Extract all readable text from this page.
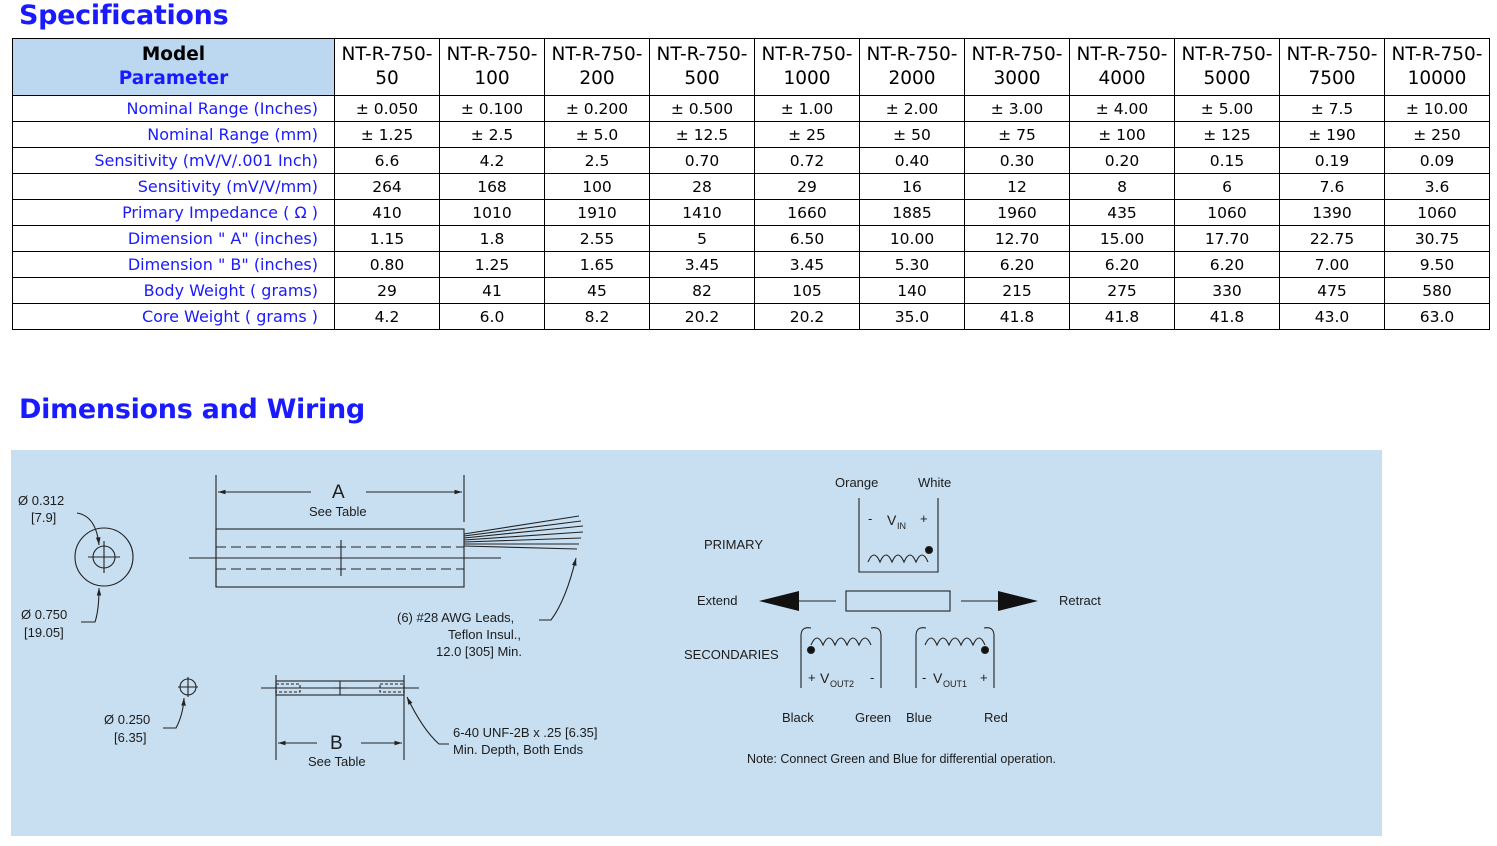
Specifications
Model	NT-R-750-	NT-R-750-	NT-R-750-	NT-R-750-	NT-R-750-	NT-R-750-	NT-R-750-	NT-R-750-	NT-R-750-	NT-R-750-	NT-R-750-
Parameter	50	100	200	500	1000	2000	3000	4000	5000	7500	10000
Nominal Range (Inches)	± 0.050	± 0.100	± 0.200	± 0.500	± 1.00	± 2.00	± 3.00	± 4.00	± 5.00	± 7.5	± 10.00
Nominal Range (mm)	± 1.25	± 2.5	± 5.0	± 12.5	± 25	± 50	± 75	± 100	± 125	± 190	± 250
Sensitivity (mV/V/.001 Inch)	6.6	4.2	2.5	0.70	0.72	0.40	0.30	0.20	0.15	0.19	0.09
Sensitivity (mV/V/mm)	264	168	100	28	29	16	12	8	6	7.6	3.6
Primary Impedance ( Ω )	410	1010	1910	1410	1660	1885	1960	435	1060	1390	1060
Dimension " A" (inches)	1.15	1.8	2.55	5	6.50	10.00	12.70	15.00	17.70	22.75	30.75
Dimension " B" (inches)	0.80	1.25	1.65	3.45	3.45	5.30	6.20	6.20	6.20	7.00	9.50
Body Weight ( grams)	29	41	45	82	105	140	215	275	330	475	580
Core Weight ( grams )	4.2	6.0	8.2	20.2	20.2	35.0	41.8	41.8	41.8	43.0	63.0
Dimensions and Wiring
Ø 0.312
[7.9]
Ø 0.750
[19.05]
A
See Table
(6) #28 AWG Leads,
Teflon Insul.,
12.0 [305] Min.
Ø 0.250
[6.35]	B
See Table
6-40 UNF-2B x .25 [6.35]
Min. Depth, Both Ends
Orange	White
- V IN +
PRIMARY
Extend	Retract
SECONDARIES
+ V OUT2 -	- V OUT1 +
Black	Green Blue	Red
Note: Connect Green and Blue for differential operation.
